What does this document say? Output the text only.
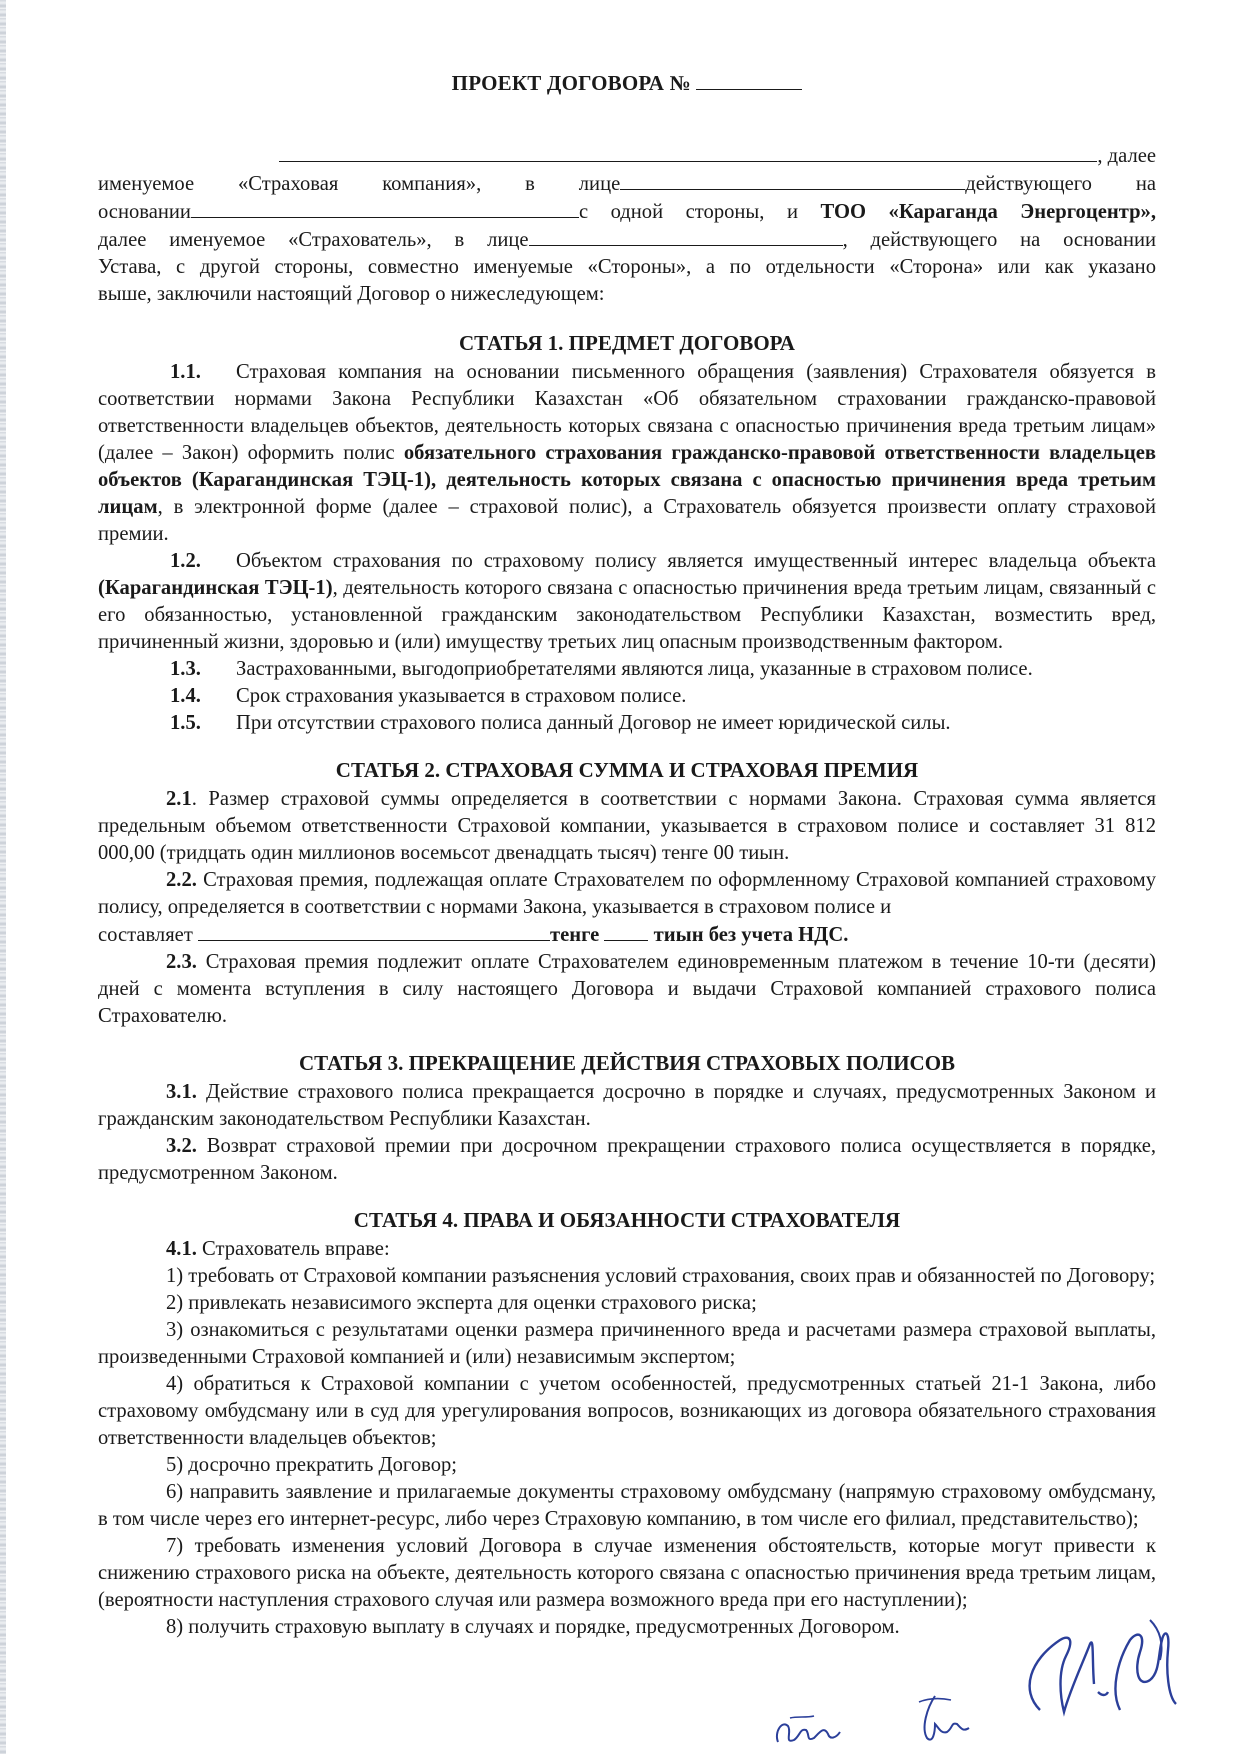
ПРОЕКТ ДОГОВОРА №
, далее
именуемое «Страховая компания», в лице	действующего на
основании	с одной стороны, и ТОО «Караганда Энергоцентр»,
далее именуемое «Страхователь», в лице	, действующего на основании
Устава, с другой стороны, совместно именуемые «Стороны», а по отдельности «Сторона» или как указано
выше, заключили настоящий Договор о нижеследующем:
СТАТЬЯ 1. ПРЕДМЕТ ДОГОВОРА

1.1. Страховая компания на основании письменного обращения (заявления) Страхователя обязуется в соответствии нормами Закона Республики Казахстан «Об обязательном страховании гражданско-правовой ответственности владельцев объектов, деятельность которых связана с опасностью причинения вреда третьим лицам» (далее – Закон) оформить полис обязательного страхования гражданско-правовой ответственности владельцев объектов (Карагандинская ТЭЦ-1), деятельность которых связана с опасностью причинения вреда третьим лицам, в электронной форме (далее – страховой полис), а Страхователь обязуется произвести оплату страховой премии.

1.2. Объектом страхования по страховому полису является имущественный интерес владельца объекта (Карагандинская ТЭЦ-1), деятельность которого связана с опасностью причинения вреда третьим лицам, связанный с его обязанностью, установленной гражданским законодательством Республики Казахстан, возместить вред, причиненный жизни, здоровью и (или) имуществу третьих лиц опасным производственным фактором.

1.3. Застрахованными, выгодоприобретателями являются лица, указанные в страховом полисе.

1.4. Срок страхования указывается в страховом полисе.

1.5. При отсутствии страхового полиса данный Договор не имеет юридической силы.

СТАТЬЯ 2. СТРАХОВАЯ СУММА И СТРАХОВАЯ ПРЕМИЯ

2.1. Размер страховой суммы определяется в соответствии с нормами Закона. Страховая сумма является предельным объемом ответственности Страховой компании, указывается в страховом полисе и составляет 31 812 000,00 (тридцать один миллионов восемьсот двенадцать тысяч) тенге 00 тиын.

2.2. Страховая премия, подлежащая оплате Страхователем по оформленному Страховой компанией страховому полису, определяется в соответствии с нормами Закона, указывается в страховом полисе и

составляет	тенге	тиын без учета НДС.

2.3. Страховая премия подлежит оплате Страхователем единовременным платежом в течение 10-ти (десяти) дней с момента вступления в силу настоящего Договора и выдачи Страховой компанией страхового полиса Страхователю.

СТАТЬЯ 3. ПРЕКРАЩЕНИЕ ДЕЙСТВИЯ СТРАХОВЫХ ПОЛИСОВ

3.1. Действие страхового полиса прекращается досрочно в порядке и случаях, предусмотренных Законом и гражданским законодательством Республики Казахстан.

3.2. Возврат страховой премии при досрочном прекращении страхового полиса осуществляется в порядке, предусмотренном Законом.

СТАТЬЯ 4. ПРАВА И ОБЯЗАННОСТИ СТРАХОВАТЕЛЯ

4.1. Страхователь вправе:

1) требовать от Страховой компании разъяснения условий страхования, своих прав и обязанностей по Договору;

2) привлекать независимого эксперта для оценки страхового риска;

3) ознакомиться с результатами оценки размера причиненного вреда и расчетами размера страховой выплаты, произведенными Страховой компанией и (или) независимым экспертом;

4) обратиться к Страховой компании с учетом особенностей, предусмотренных статьей 21-1 Закона, либо страховому омбудсману или в суд для урегулирования вопросов, возникающих из договора обязательного страхования ответственности владельцев объектов;

5) досрочно прекратить Договор;

6) направить заявление и прилагаемые документы страховому омбудсману (напрямую страховому омбудсману, в том числе через его интернет-ресурс, либо через Страховую компанию, в том числе его филиал, представительство);

7) требовать изменения условий Договора в случае изменения обстоятельств, которые могут привести к снижению страхового риска на объекте, деятельность которого связана с опасностью причинения вреда третьим лицам, (вероятности наступления страхового случая или размера возможного вреда при его наступлении);

8) получить страховую выплату в случаях и порядке, предусмотренных Договором.
